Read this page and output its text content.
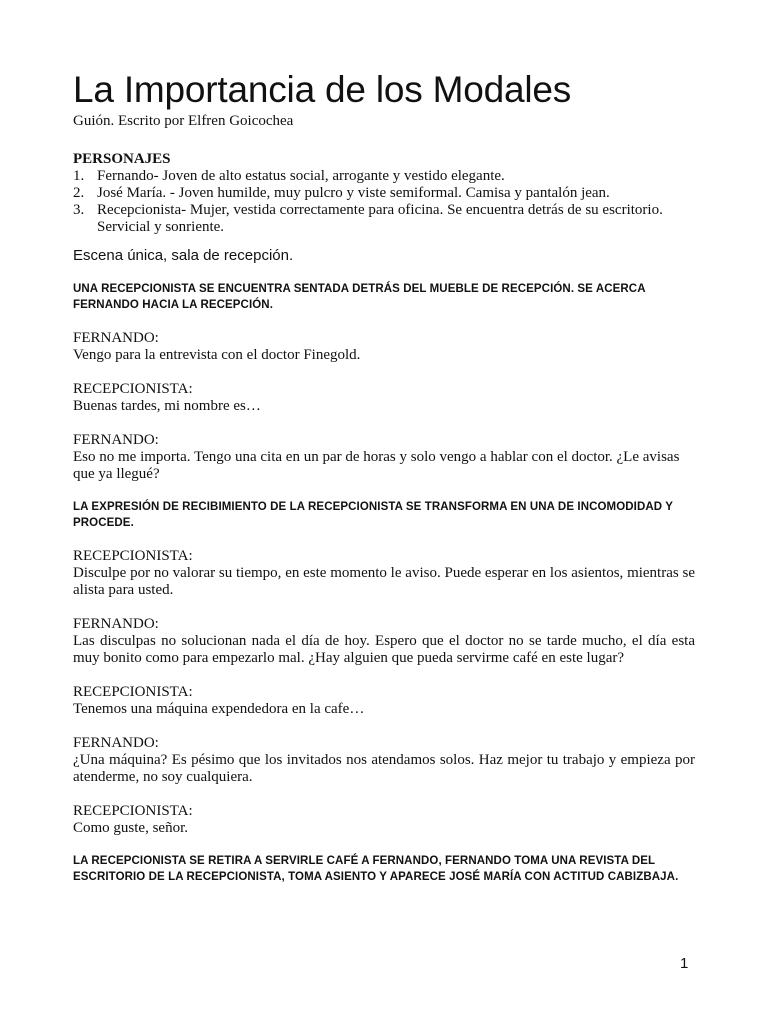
La Importancia de los Modales

Guión. Escrito por Elfren Goicochea

PERSONAJES
1. Fernando- Joven de alto estatus social, arrogante y vestido elegante.
2. José María. - Joven humilde, muy pulcro y viste semiformal. Camisa y pantalón jean.
3. Recepcionista- Mujer, vestida correctamente para oficina. Se encuentra detrás de su escritorio. Servicial y sonriente.
Escena única, sala de recepción.
UNA RECEPCIONISTA SE ENCUENTRA SENTADA DETRÁS DEL MUEBLE DE RECEPCIÓN. SE ACERCA FERNANDO HACIA LA RECEPCIÓN.
FERNANDO:
Vengo para la entrevista con el doctor Finegold.
RECEPCIONISTA:
Buenas tardes, mi nombre es…
FERNANDO:
Eso no me importa. Tengo una cita en un par de horas y solo vengo a hablar con el doctor. ¿Le avisas que ya llegué?
LA EXPRESIÓN DE RECIBIMIENTO DE LA RECEPCIONISTA SE TRANSFORMA EN UNA DE INCOMODIDAD Y PROCEDE.
RECEPCIONISTA:
Disculpe por no valorar su tiempo, en este momento le aviso. Puede esperar en los asientos, mientras se alista para usted.
FERNANDO:
Las disculpas no solucionan nada el día de hoy. Espero que el doctor no se tarde mucho, el día esta muy bonito como para empezarlo mal. ¿Hay alguien que pueda servirme café en este lugar?
RECEPCIONISTA:
Tenemos una máquina expendedora en la cafe…
FERNANDO:
¿Una máquina? Es pésimo que los invitados nos atendamos solos. Haz mejor tu trabajo y empieza por atenderme, no soy cualquiera.
RECEPCIONISTA:
Como guste, señor.
LA RECEPCIONISTA SE RETIRA A SERVIRLE CAFÉ A FERNANDO, FERNANDO TOMA UNA REVISTA DEL ESCRITORIO DE LA RECEPCIONISTA, TOMA ASIENTO Y APARECE JOSÉ MARÍA CON ACTITUD CABIZBAJA.
1
